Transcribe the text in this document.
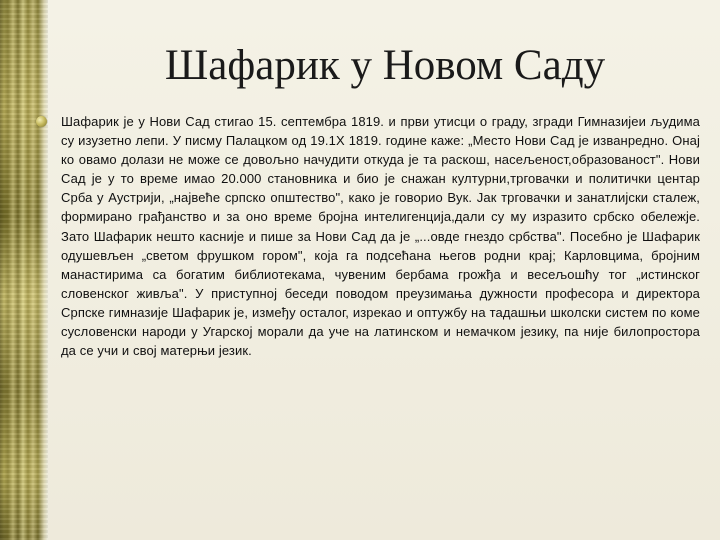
Шафарик у Новом Саду

Шафарик је у Нови Сад стигао 15. септембра 1819. и први утисци о граду, згради Гимназијеи људима су изузетно лепи. У писму Палацком од 19.1Х 1819. године каже: „Место Нови Сад је изванредно. Онај ко овамо долази не може се довољно начудити откуда је та раскош, насељеност,образованост". Нови Сад је у то време имао 20.000 становника и био је снажан културни,трговачки и политички центар Срба у Аустрији, „највеће српско општество", како је говорио Вук. Јак трговачки и занатлијски сталеж, формирано грађанство и за оно време бројна интелигенција,дали су му изразито србско обележје. Зато Шафарик нешто касније и пише за Нови Сад да је „...овде гнездо србства". Посебно је Шафарик одушевљен „светом фрушком гором", која га подсећана његов родни крај; Карловцима, бројним манастирима са богатим библиотекама, чувеним бербама грожђа и весељошћу тог „истинског словенског живља". У приступној беседи поводом преузимања дужности професора и директора Српске гимназије Шафарик је, између осталог, изрекао и оптужбу на тадашњи школски систем по коме сусловенски народи у Угарској морали да уче на латинском и немачком језику, па није билопростора да се учи и свој матерњи језик.
